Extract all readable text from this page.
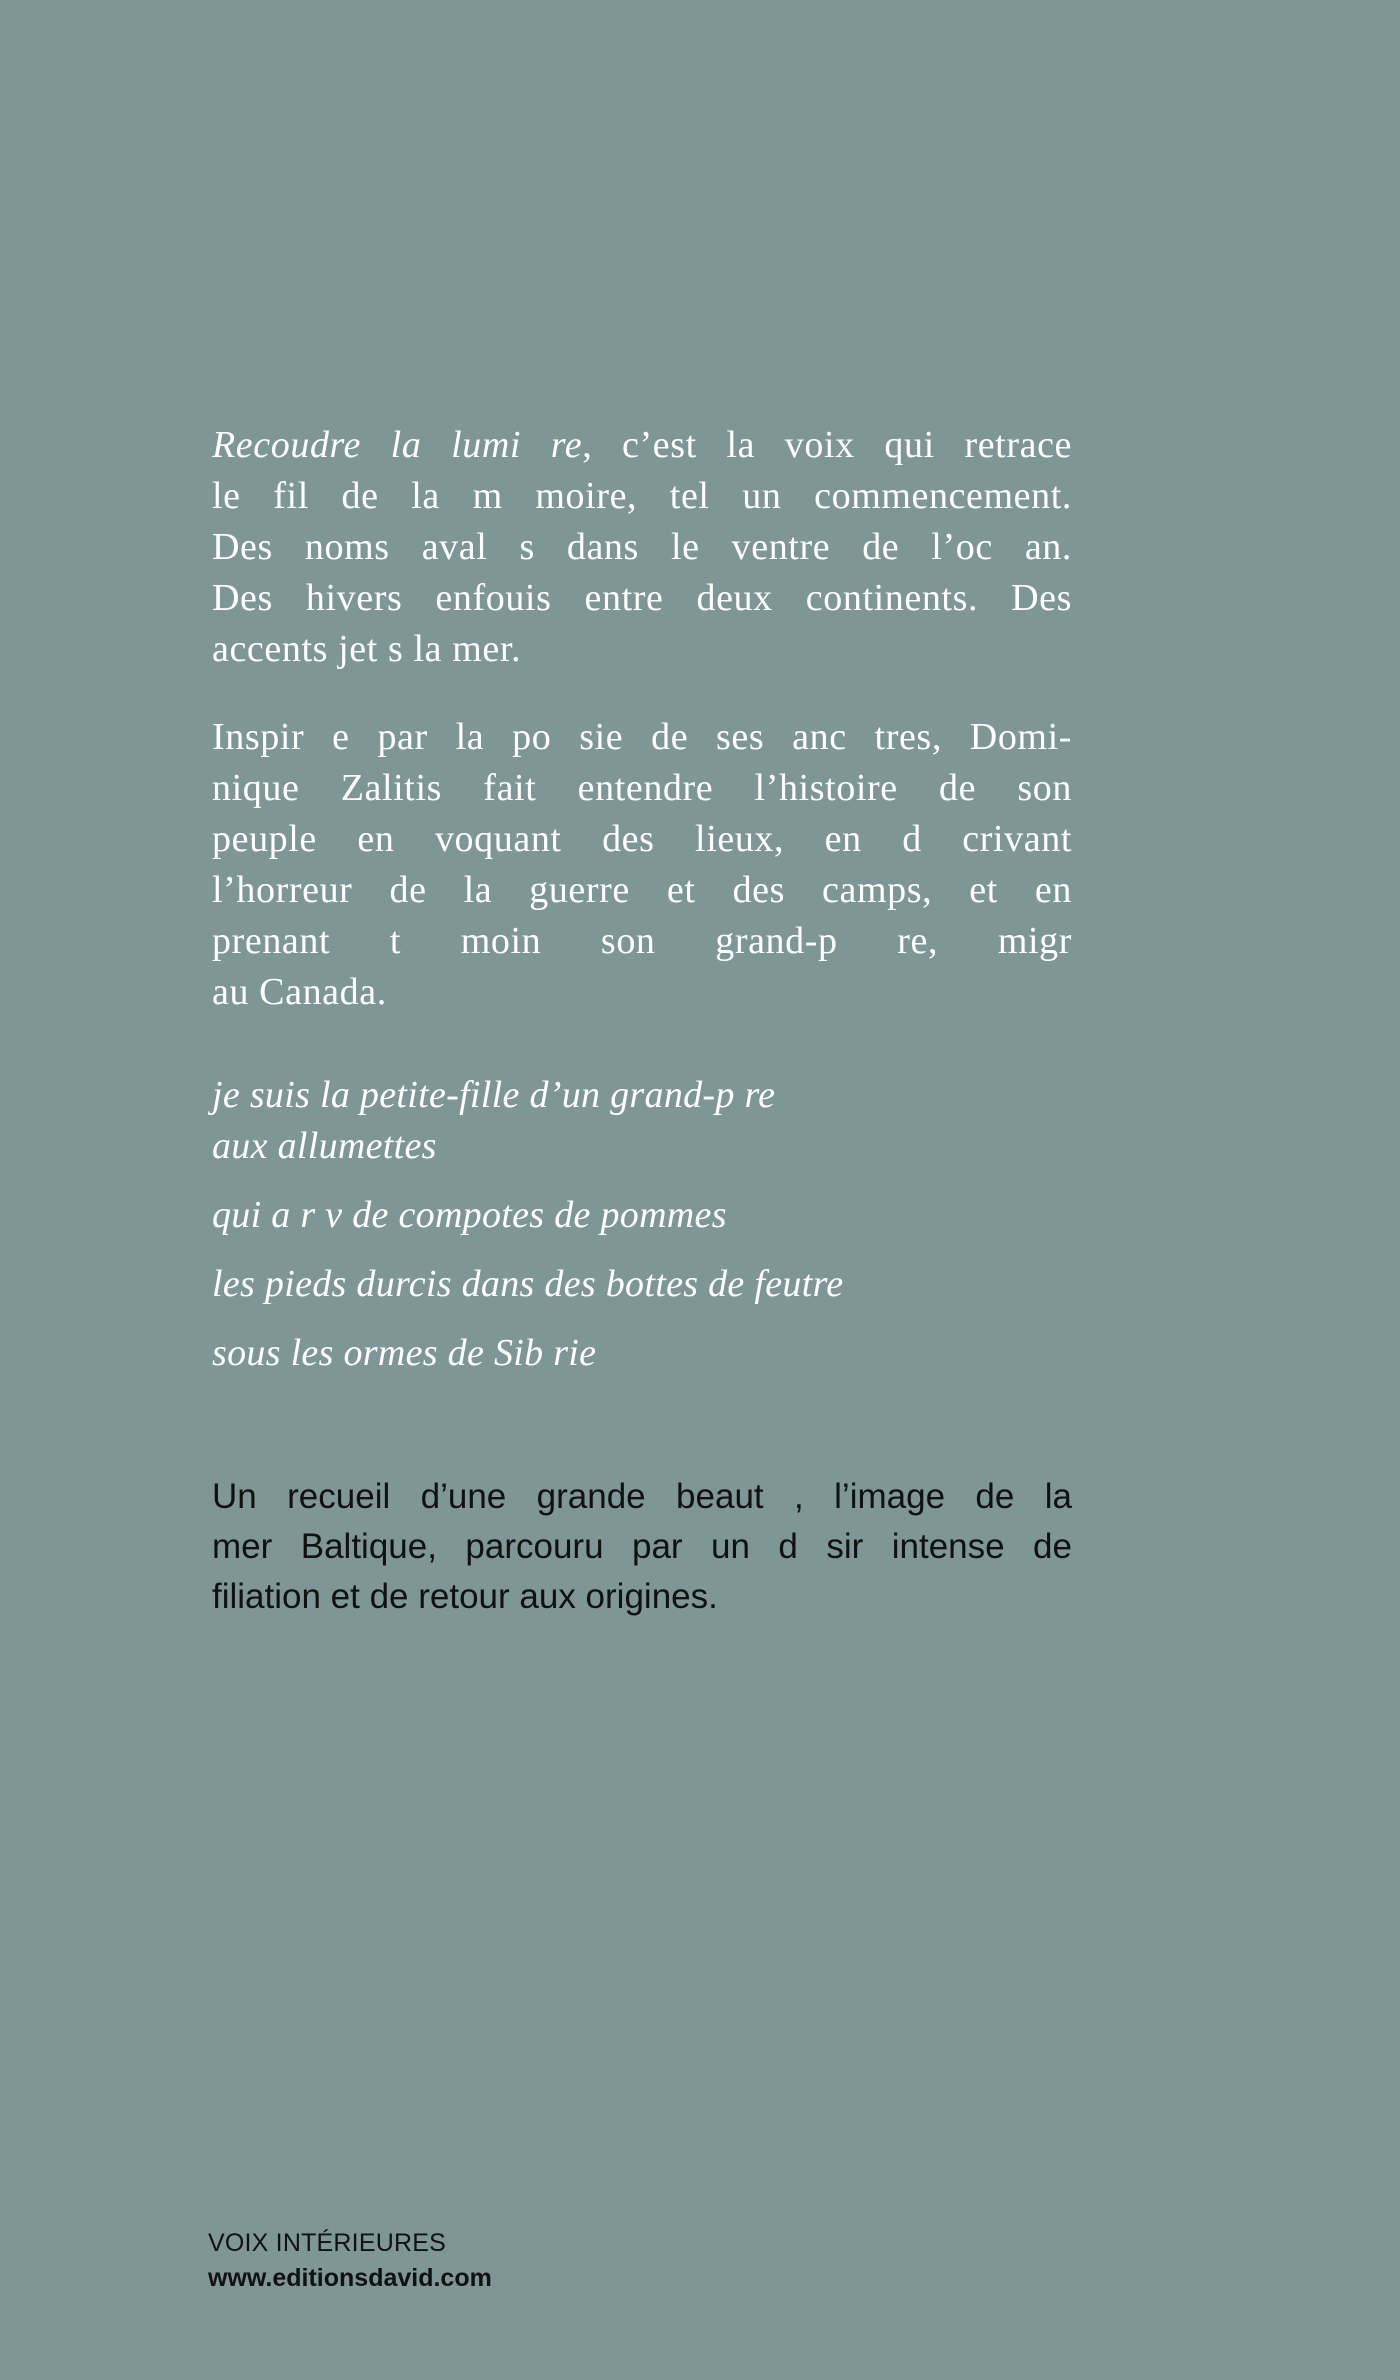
Recoudre la lumi re, c’est la voix qui retrace
le fil de la m moire, tel un commencement.
Des noms aval s dans le ventre de l’oc an.
Des hivers enfouis entre deux continents. Des
accents jet s la mer.
Inspir e par la po sie de ses anc tres, Domi-
nique Zalitis fait entendre l’histoire de son
peuple en voquant des lieux, en d crivant
l’horreur de la guerre et des camps, et en
prenant t moin son grand-p re, migr
au Canada.
je suis la petite-fille d’un grand-p re
aux allumettes
qui a r v de compotes de pommes
les pieds durcis dans des bottes de feutre
sous les ormes de Sib rie
Un recueil d’une grande beaut , l’image de la
mer Baltique, parcouru par un d sir intense de
filiation et de retour aux origines.
VOIX INTÉRIEURES
www.editionsdavid.com
